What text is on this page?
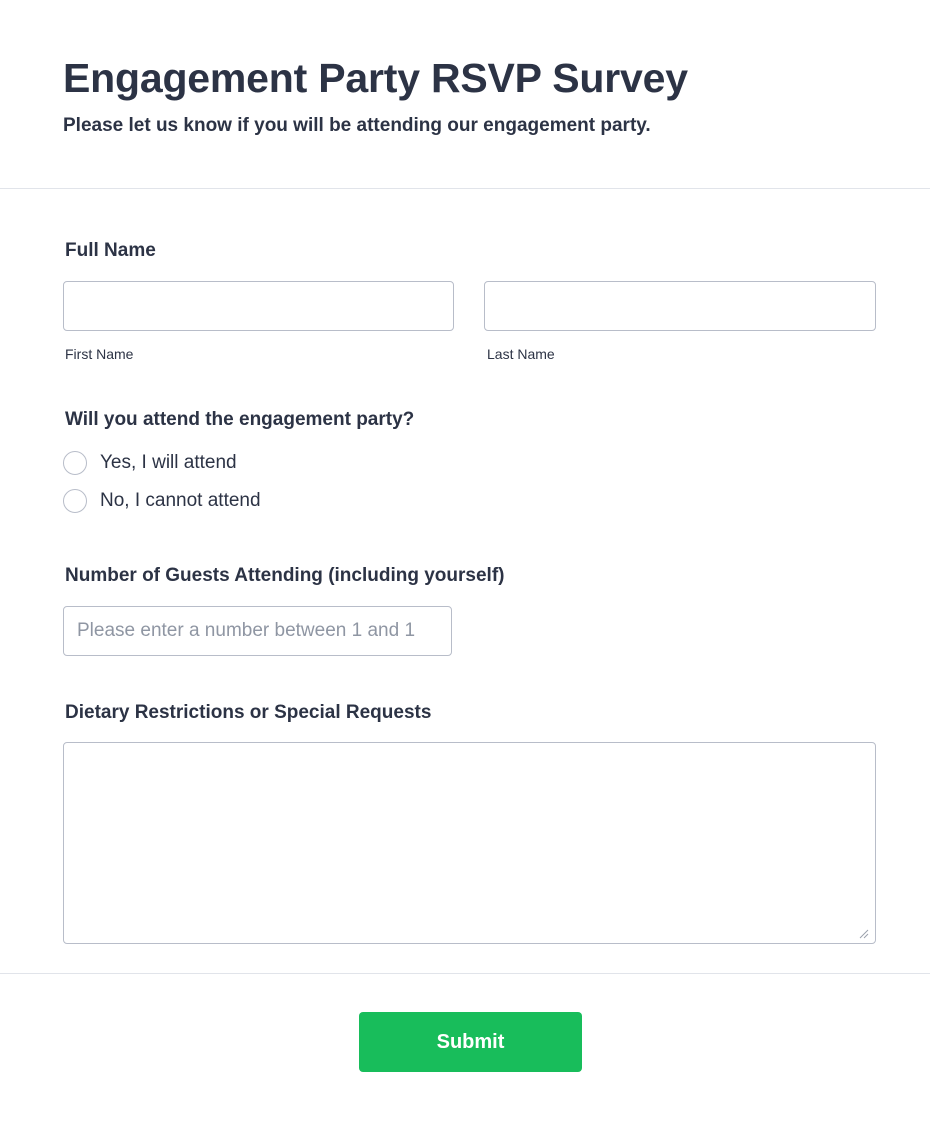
Engagement Party RSVP Survey

Please let us know if you will be attending our engagement party.

Full Name
First Name	Last Name
Will you attend the engagement party?
Yes, I will attend
No, I cannot attend
Number of Guests Attending (including yourself)
Please enter a number between 1 and 1
Dietary Restrictions or Special Requests
Submit
